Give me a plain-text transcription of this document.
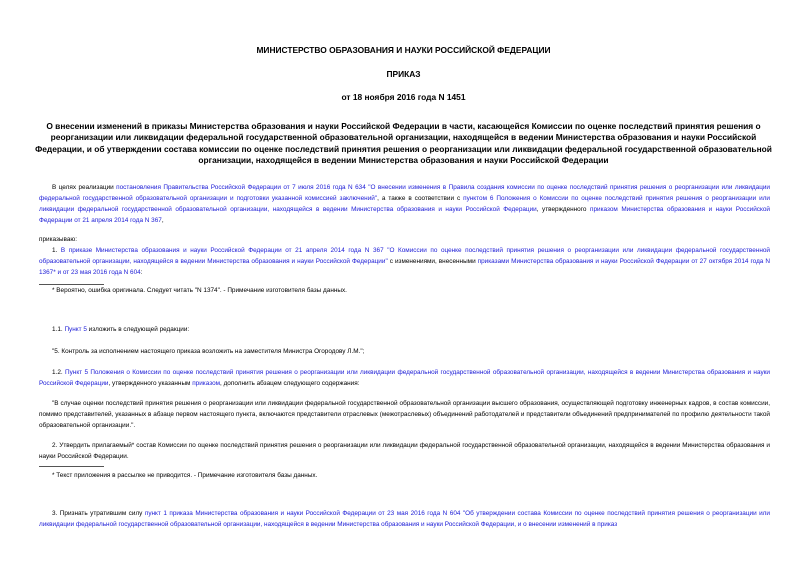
МИНИСТЕРСТВО ОБРАЗОВАНИЯ И НАУКИ РОССИЙСКОЙ ФЕДЕРАЦИИ
ПРИКАЗ
от 18 ноября 2016 года N 1451
О внесении изменений в приказы Министерства образования и науки Российской Федерации в части, касающейся Комиссии по оценке последствий принятия решения о реорганизации или ликвидации федеральной государственной образовательной организации, находящейся в ведении Министерства образования и науки Российской Федерации, и об утверждении состава комиссии по оценке последствий принятия решения о реорганизации или ликвидации федеральной государственной образовательной организации, находящейся в ведении Министерства образования и науки Российской Федерации

В целях реализации постановления Правительства Российской Федерации от 7 июля 2016 года N 634 "О внесении изменения в Правила создания комиссии по оценке последствий принятия решения о реорганизации или ликвидации федеральной государственной образовательной организации и подготовки указанной комиссией заключений", а также в соответствии с пунктом 6 Положения о Комиссии по оценке последствий принятия решения о реорганизации или ликвидации федеральной государственной образовательной организации, находящейся в ведении Министерства образования и науки Российской Федерации, утвержденного приказом Министерства образования и науки Российской Федерации от 21 апреля 2014 года N 367,

приказываю:

1. В приказе Министерства образования и науки Российской Федерации от 21 апреля 2014 года N 367 "О Комиссии по оценке последствий принятия решения о реорганизации или ликвидации федеральной государственной образовательной организации, находящейся в ведении Министерства образования и науки Российской Федерации" с изменениями, внесенными приказами Министерства образования и науки Российской Федерации от 27 октября 2014 года N 1367* и от 23 мая 2016 года N 604:

* Вероятно, ошибка оригинала. Следует читать "N 1374". - Примечание изготовителя базы данных.

1.1. Пункт 5 изложить в следующей редакции:

"5. Контроль за исполнением настоящего приказа возложить на заместителя Министра Огородову Л.М.";

1.2. Пункт 5 Положения о Комиссии по оценке последствий принятия решения о реорганизации или ликвидации федеральной государственной образовательной организации, находящейся в ведении Министерства образования и науки Российской Федерации, утвержденного указанным приказом, дополнить абзацем следующего содержания:

"В случае оценки последствий принятия решения о реорганизации или ликвидации федеральной государственной образовательной организации высшего образования, осуществляющей подготовку инженерных кадров, в состав комиссии, помимо представителей, указанных в абзаце первом настоящего пункта, включаются представители отраслевых (межотраслевых) объединений работодателей и представители объединений предпринимателей по профилю деятельности такой образовательной организации.".

2. Утвердить прилагаемый* состав Комиссии по оценке последствий принятия решения о реорганизации или ликвидации федеральной государственной образовательной организации, находящейся в ведении Министерства образования и науки Российской Федерации.

* Текст приложения в рассылке не приводится. - Примечание изготовителя базы данных.

3. Признать утратившим силу пункт 1 приказа Министерства образования и науки Российской Федерации от 23 мая 2016 года N 604 "Об утверждении состава Комиссии по оценке последствий принятия решения о реорганизации или ликвидации федеральной государственной образовательной организации, находящейся в ведении Министерства образования и науки Российской Федерации, и о внесении изменений в приказ
